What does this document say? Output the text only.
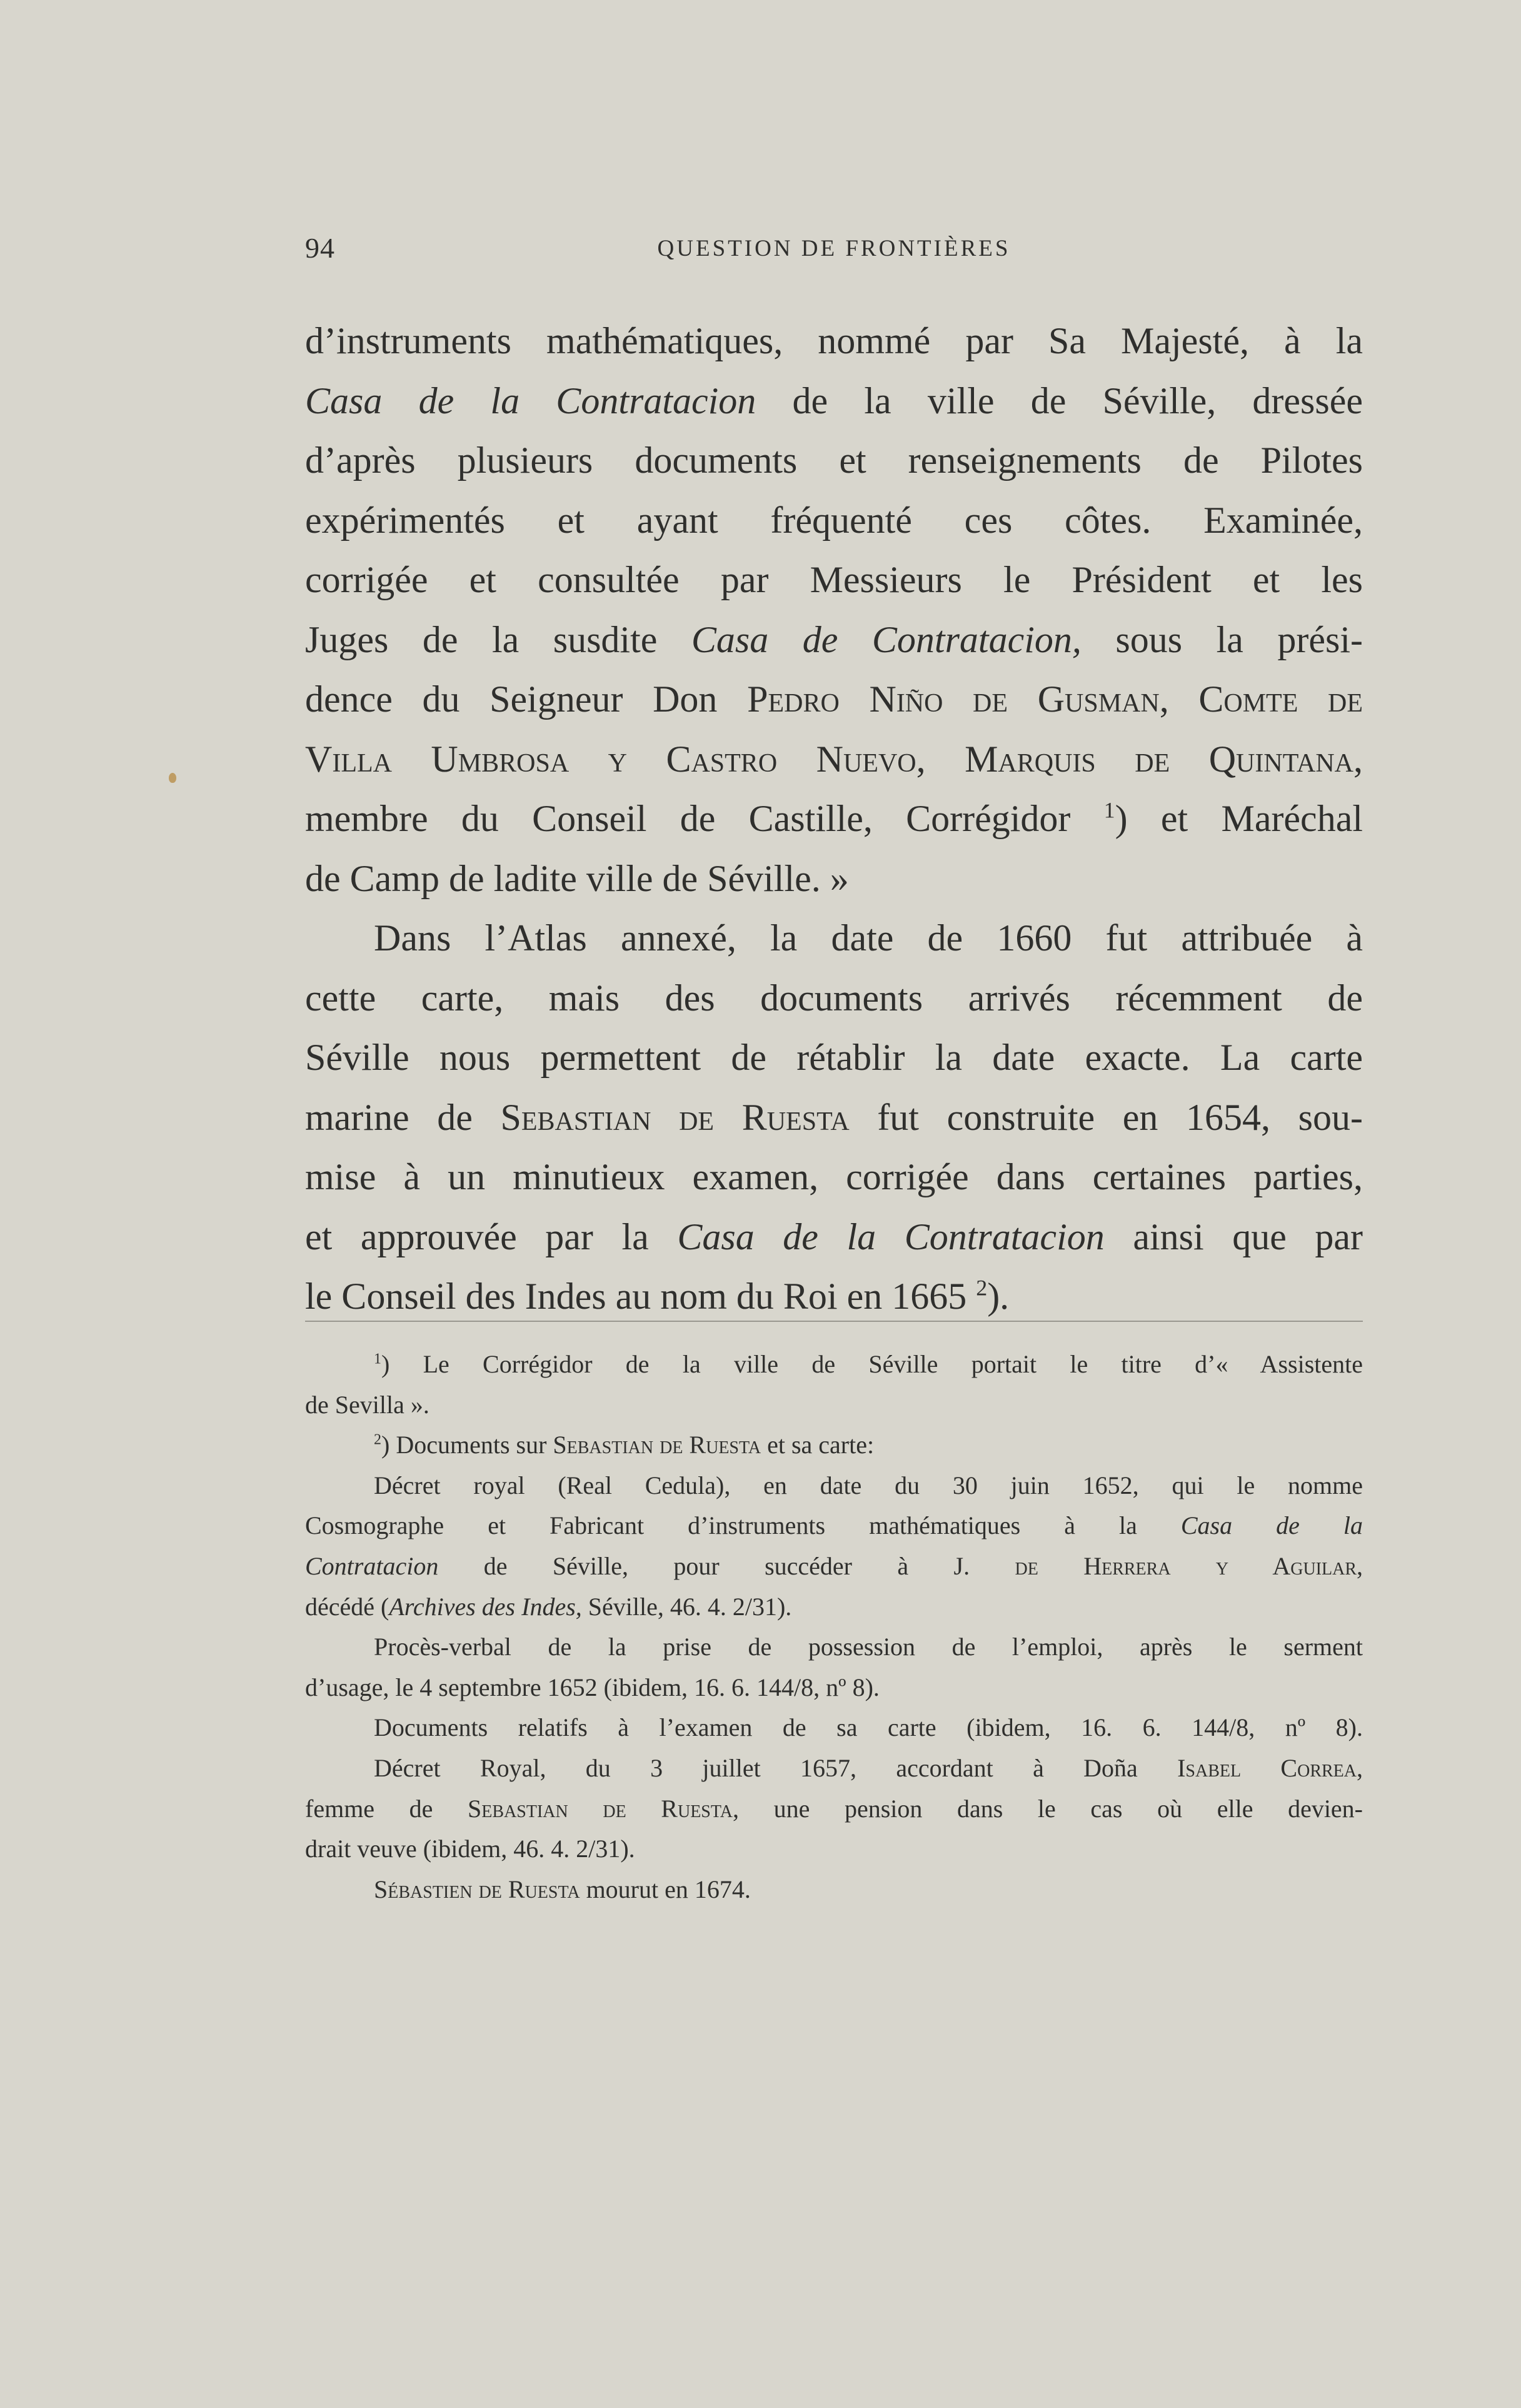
94	QUESTION DE FRONTIÈRES
d’instruments mathématiques, nommé par Sa Majesté, à la
Casa de la Contratacion de la ville de Séville, dressée
d’après plusieurs documents et renseignements de Pilotes
expérimentés et ayant fréquenté ces côtes. Examinée,
corrigée et consultée par Messieurs le Président et les
Juges de la susdite Casa de Contratacion, sous la prési-
dence du Seigneur Don Pedro Niño de Gusman, Comte de
Villa Umbrosa y Castro Nuevo, Marquis de Quintana,
membre du Conseil de Castille, Corrégidor $^1$) et Maréchal
de Camp de ladite ville de Séville. »
Dans l’Atlas annexé, la date de 1660 fut attribuée à
cette carte, mais des documents arrivés récemment de
Séville nous permettent de rétablir la date exacte. La carte
marine de Sebastian de Ruesta fut construite en 1654, sou-
mise à un minutieux examen, corrigée dans certaines parties,
et approuvée par la Casa de la Contratacion ainsi que par
le Conseil des Indes au nom du Roi en 1665 $^2$).
$^1$) Le Corrégidor de la ville de Séville portait le titre d’« Assistente
de Sevilla ».
$^2$) Documents sur Sebastian de Ruesta et sa carte:
Décret royal (Real Cedula), en date du 30 juin 1652, qui le nomme
Cosmographe et Fabricant d’instruments mathématiques à la Casa de la
Contratacion de Séville, pour succéder à J. de Herrera y Aguilar,
décédé (Archives des Indes, Séville, 46. 4. 2/31).
Procès-verbal de la prise de possession de l’emploi, après le serment
d’usage, le 4 septembre 1652 (ibidem, 16. 6. 144/8, nº 8).
Documents relatifs à l’examen de sa carte (ibidem, 16. 6. 144/8, nº 8).
Décret Royal, du 3 juillet 1657, accordant à Doña Isabel Correa,
femme de Sebastian de Ruesta, une pension dans le cas où elle devien-
drait veuve (ibidem, 46. 4. 2/31).
Sébastien de Ruesta mourut en 1674.
